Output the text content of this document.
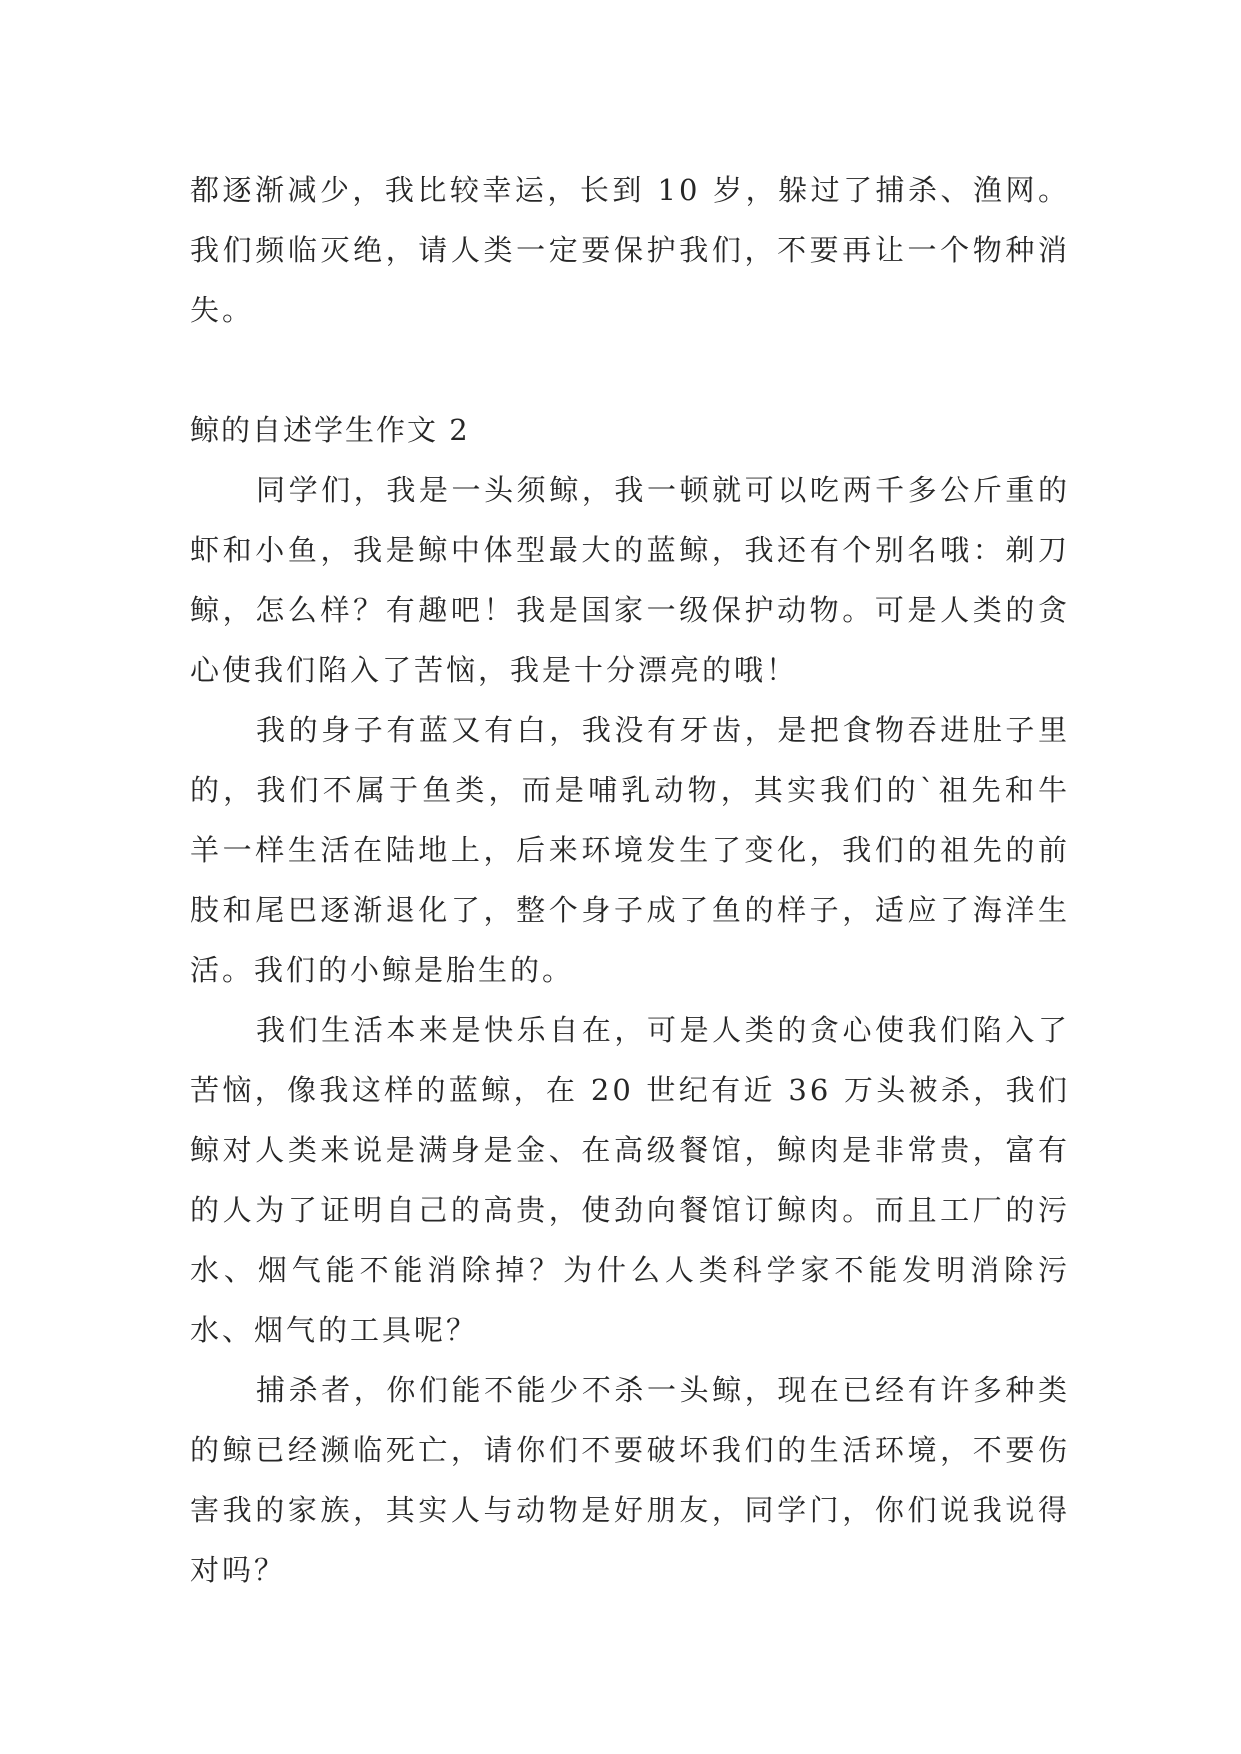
都逐渐减少，我比较幸运，长到 10 岁，躲过了捕杀、渔网。我们频临灭绝，请人类一定要保护我们，不要再让一个物种消失。

鲸的自述学生作文 2

同学们，我是一头须鲸，我一顿就可以吃两千多公斤重的虾和小鱼，我是鲸中体型最大的蓝鲸，我还有个别名哦：剃刀鲸，怎么样？有趣吧！我是国家一级保护动物。可是人类的贪心使我们陷入了苦恼，我是十分漂亮的哦！

我的身子有蓝又有白，我没有牙齿，是把食物吞进肚子里的，我们不属于鱼类，而是哺乳动物，其实我们的`祖先和牛羊一样生活在陆地上，后来环境发生了变化，我们的祖先的前肢和尾巴逐渐退化了，整个身子成了鱼的样子，适应了海洋生活。我们的小鲸是胎生的。

我们生活本来是快乐自在，可是人类的贪心使我们陷入了苦恼，像我这样的蓝鲸，在 20 世纪有近 36 万头被杀，我们鲸对人类来说是满身是金、在高级餐馆，鲸肉是非常贵，富有的人为了证明自己的高贵，使劲向餐馆订鲸肉。而且工厂的污水、烟气能不能消除掉？为什么人类科学家不能发明消除污水、烟气的工具呢？

捕杀者，你们能不能少不杀一头鲸，现在已经有许多种类的鲸已经濒临死亡，请你们不要破坏我们的生活环境，不要伤害我的家族，其实人与动物是好朋友，同学门，你们说我说得对吗？
